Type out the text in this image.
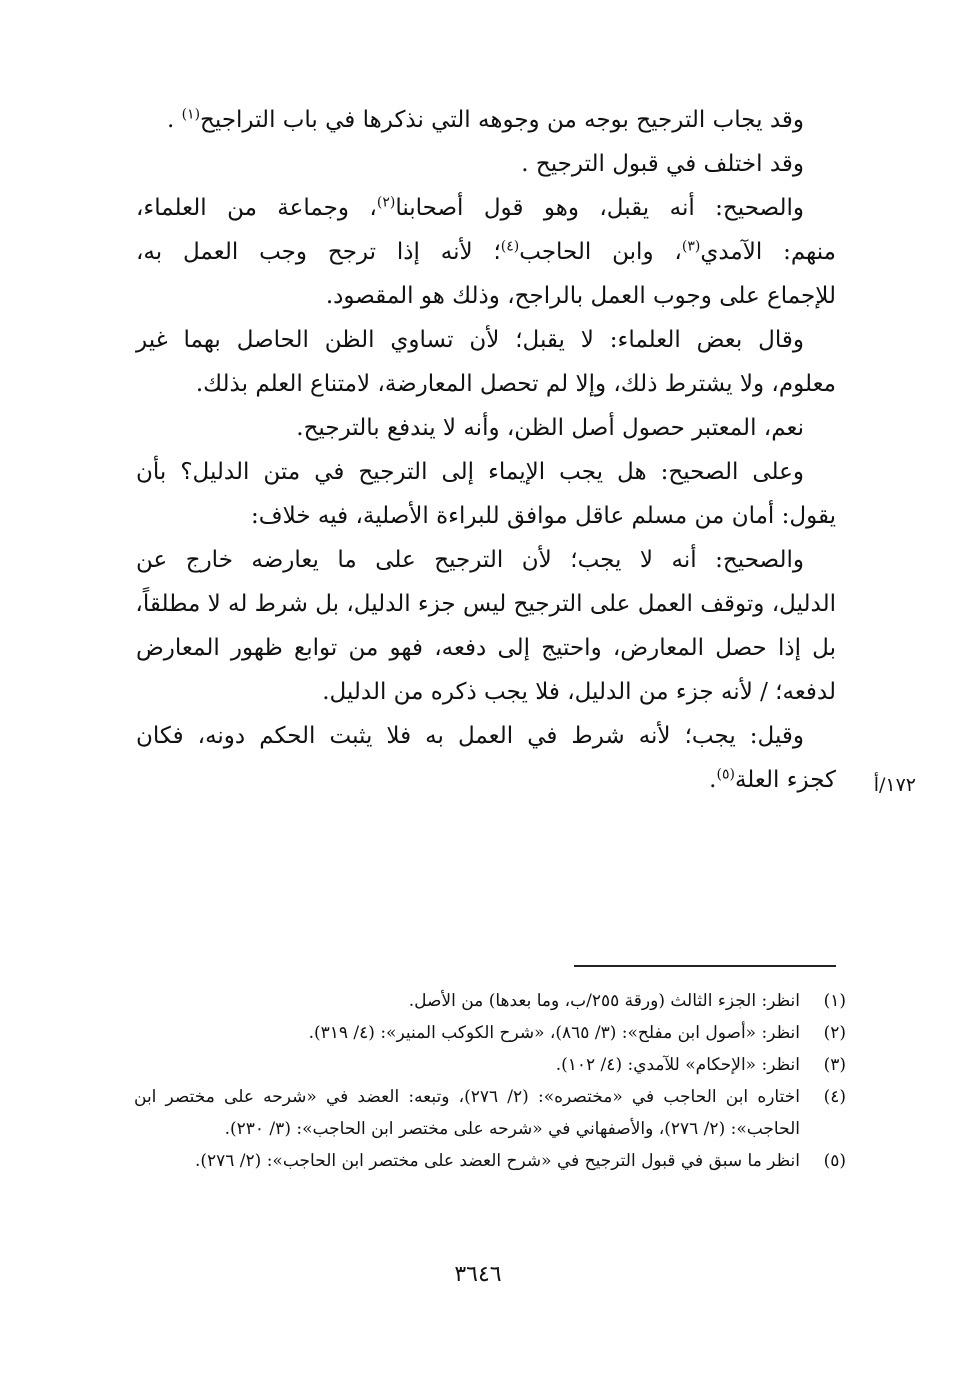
وقد يجاب الترجيح بوجه من وجوهه التي نذكرها في باب التراجيح$^{(١)}$ .
وقد اختلف في قبول الترجيح .
والصحيح: أنه يقبل، وهو قول أصحابنا$^{(٢)}$، وجماعة من العلماء،
منهم: الآمدي$^{(٣)}$، وابن الحاجب$^{(٤)}$؛ لأنه إذا ترجح وجب العمل به،
للإجماع على وجوب العمل بالراجح، وذلك هو المقصود.
وقال بعض العلماء: لا يقبل؛ لأن تساوي الظن الحاصل بهما غير
معلوم، ولا يشترط ذلك، وإلا لم تحصل المعارضة، لامتناع العلم بذلك.
نعم، المعتبر حصول أصل الظن، وأنه لا يندفع بالترجيح.
وعلى الصحيح: هل يجب الإيماء إلى الترجيح في متن الدليل؟ بأن
يقول: أمان من مسلم عاقل موافق للبراءة الأصلية، فيه خلاف:
والصحيح: أنه لا يجب؛ لأن الترجيح على ما يعارضه خارج عن
الدليل، وتوقف العمل على الترجيح ليس جزء الدليل، بل شرط له لا مطلقاً،
بل إذا حصل المعارض، واحتيج إلى دفعه، فهو من توابع ظهور المعارض
لدفعه؛ / لأنه جزء من الدليل، فلا يجب ذكره من الدليل.
وقيل: يجب؛ لأنه شرط في العمل به فلا يثبت الحكم دونه، فكان
كجزء العلة$^{(٥)}$.	١٧٢/أ
(١)
انظر: الجزء الثالث (ورقة ٢٥٥/ب، وما بعدها) من الأصل.
(٢)
انظر: «أصول ابن مفلح»: (٣/ ٨٦٥)، «شرح الكوكب المنير»: (٤/ ٣١٩).
(٣)
انظر: «الإحكام» للآمدي: (٤/ ١٠٢).
(٤)
اختاره ابن الحاجب في «مختصره»: (٢/ ٢٧٦)، وتبعه: العضد في «شرحه على مختصر ابن الحاجب»: (٢/ ٢٧٦)، والأصفهاني في «شرحه على مختصر ابن الحاجب»: (٣/ ٢٣٠).
(٥)
انظر ما سبق في قبول الترجيح في «شرح العضد على مختصر ابن الحاجب»: (٢/ ٢٧٦).
٣٦٤٦
